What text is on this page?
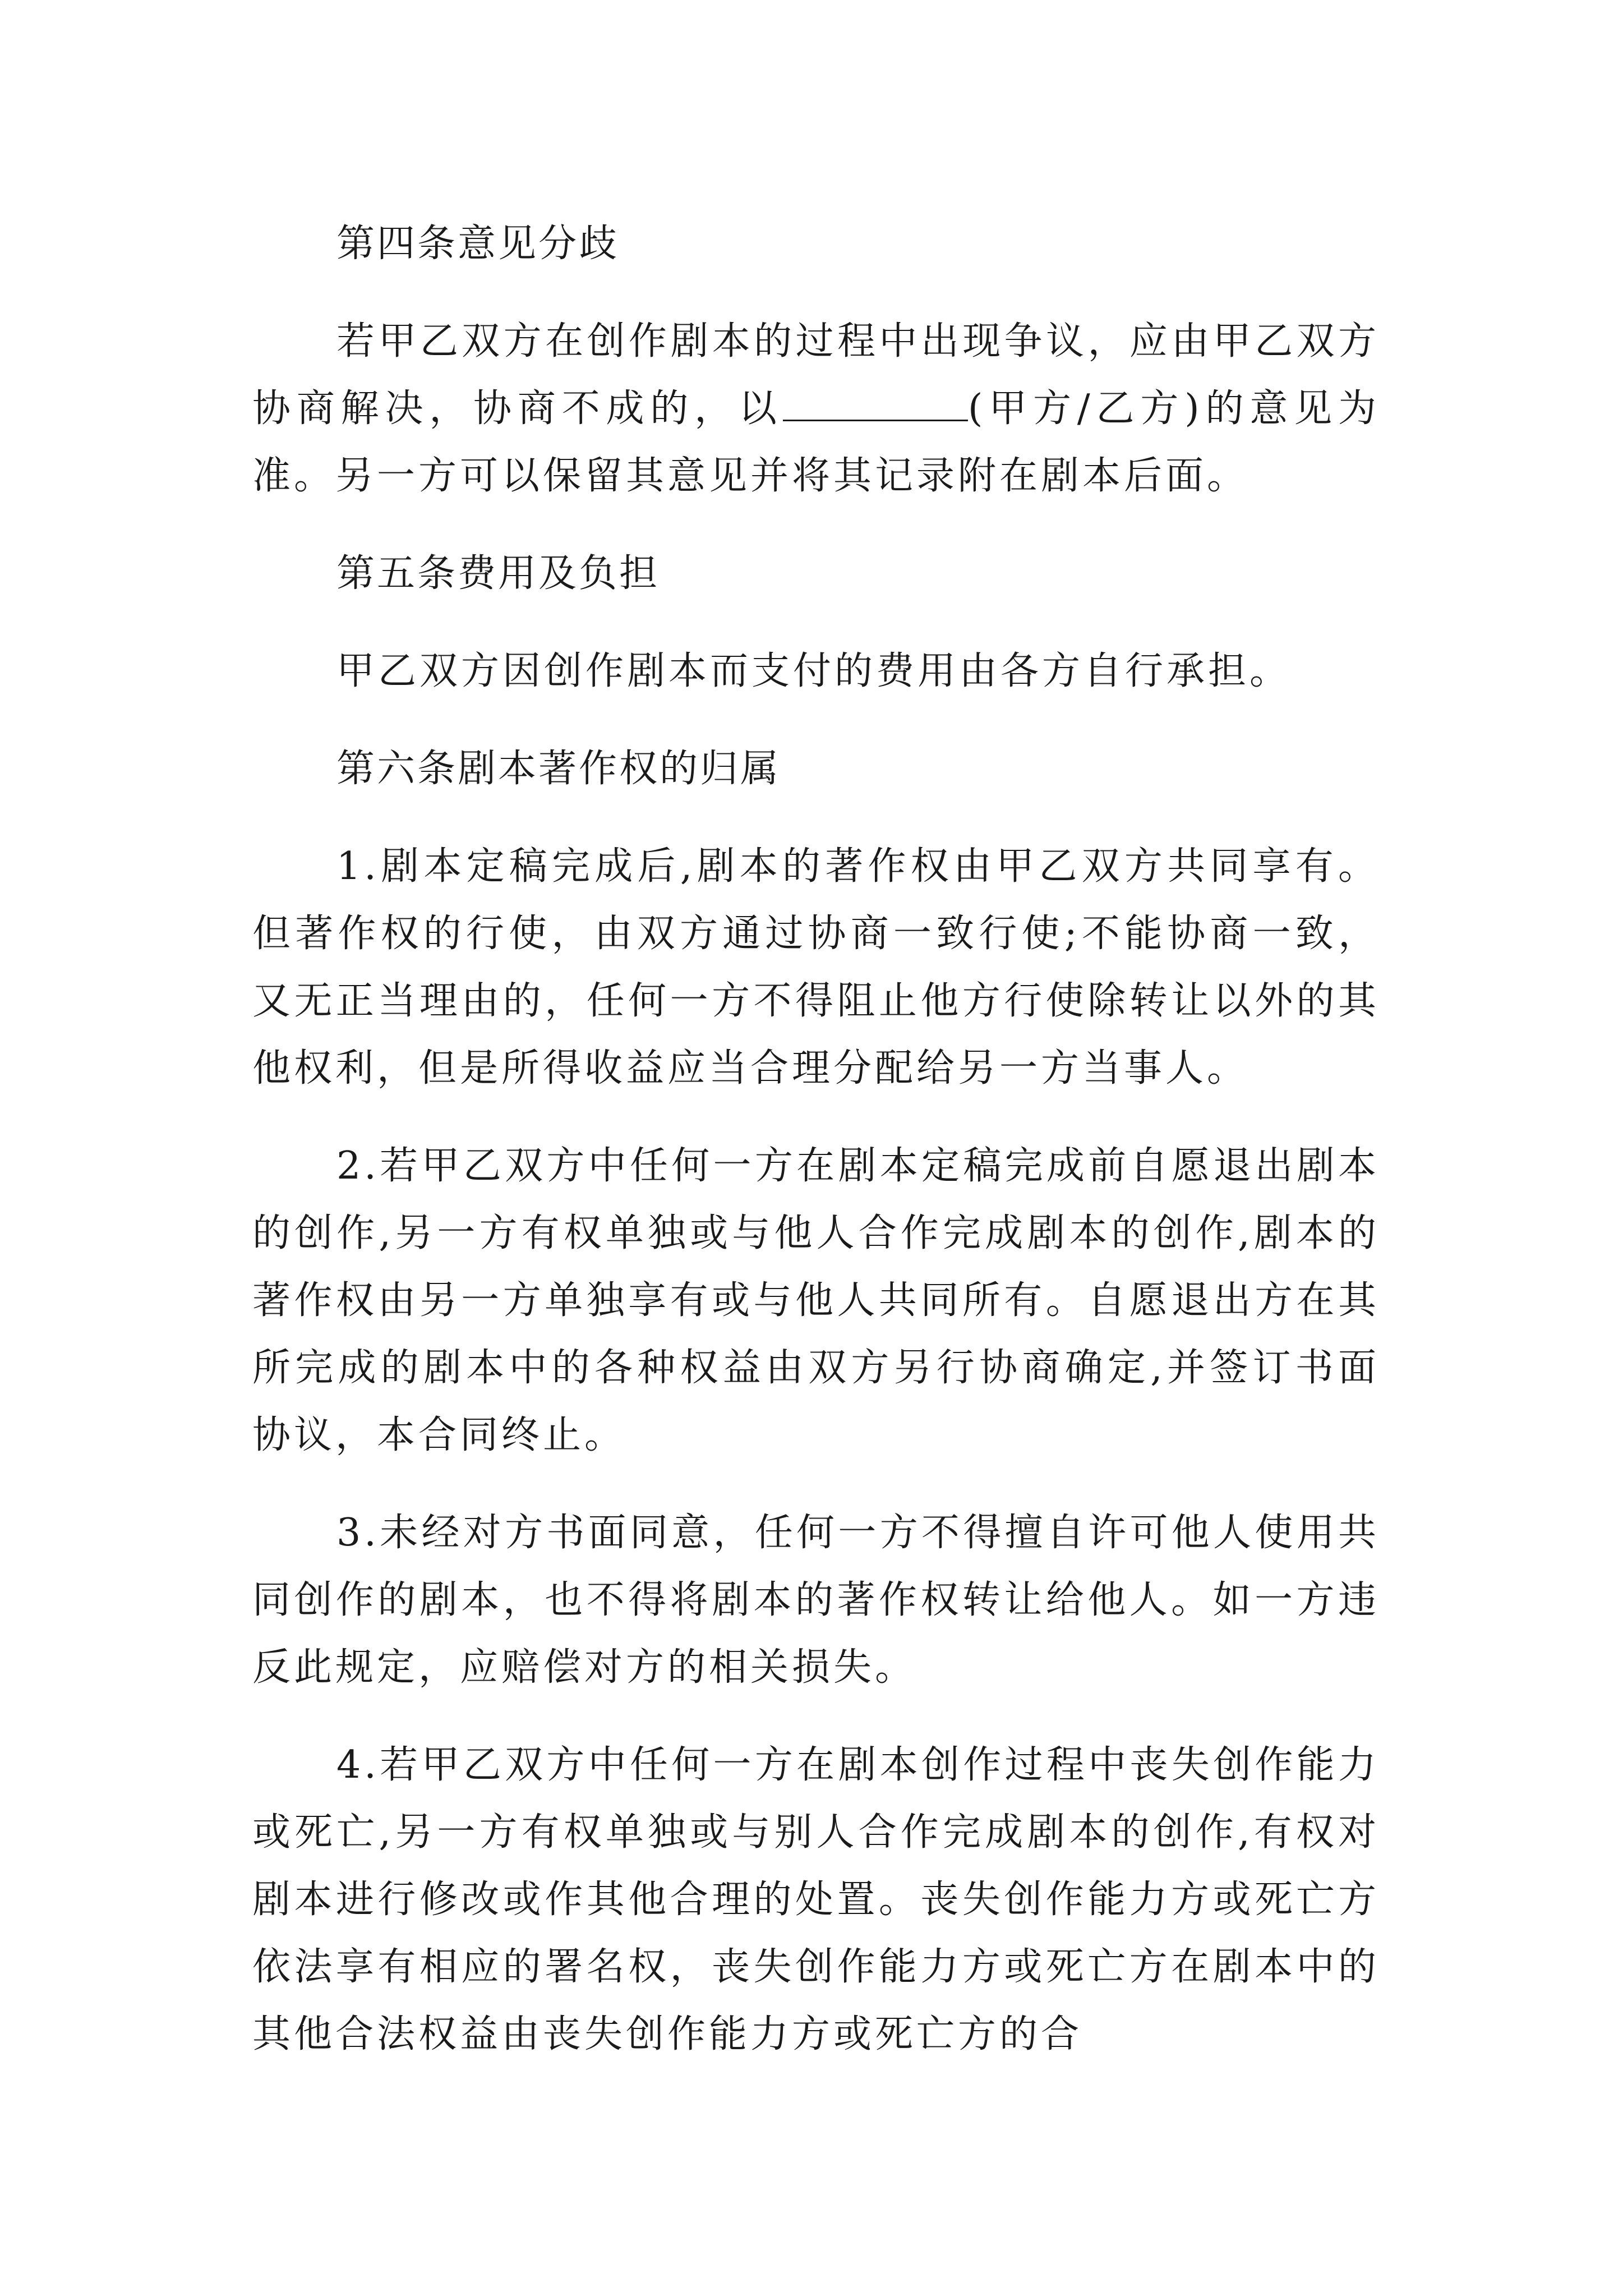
第四条意见分歧
若甲乙双方在创作剧本的过程中出现争议，应由甲乙双方协商解决，协商不成的，以	(甲方/乙方)的意见为准。另一方可以保留其意见并将其记录附在剧本后面。
第五条费用及负担
甲乙双方因创作剧本而支付的费用由各方自行承担。
第六条剧本著作权的归属
1.剧本定稿完成后,剧本的著作权由甲乙双方共同享有。但著作权的行使，由双方通过协商一致行使;不能协商一致，又无正当理由的，任何一方不得阻止他方行使除转让以外的其他权利，但是所得收益应当合理分配给另一方当事人。
2.若甲乙双方中任何一方在剧本定稿完成前自愿退出剧本的创作,另一方有权单独或与他人合作完成剧本的创作,剧本的著作权由另一方单独享有或与他人共同所有。自愿退出方在其所完成的剧本中的各种权益由双方另行协商确定,并签订书面协议，本合同终止。
3.未经对方书面同意，任何一方不得擅自许可他人使用共同创作的剧本，也不得将剧本的著作权转让给他人。如一方违反此规定，应赔偿对方的相关损失。
4.若甲乙双方中任何一方在剧本创作过程中丧失创作能力或死亡,另一方有权单独或与别人合作完成剧本的创作,有权对剧本进行修改或作其他合理的处置。丧失创作能力方或死亡方依法享有相应的署名权，丧失创作能力方或死亡方在剧本中的其他合法权益由丧失创作能力方或死亡方的合
